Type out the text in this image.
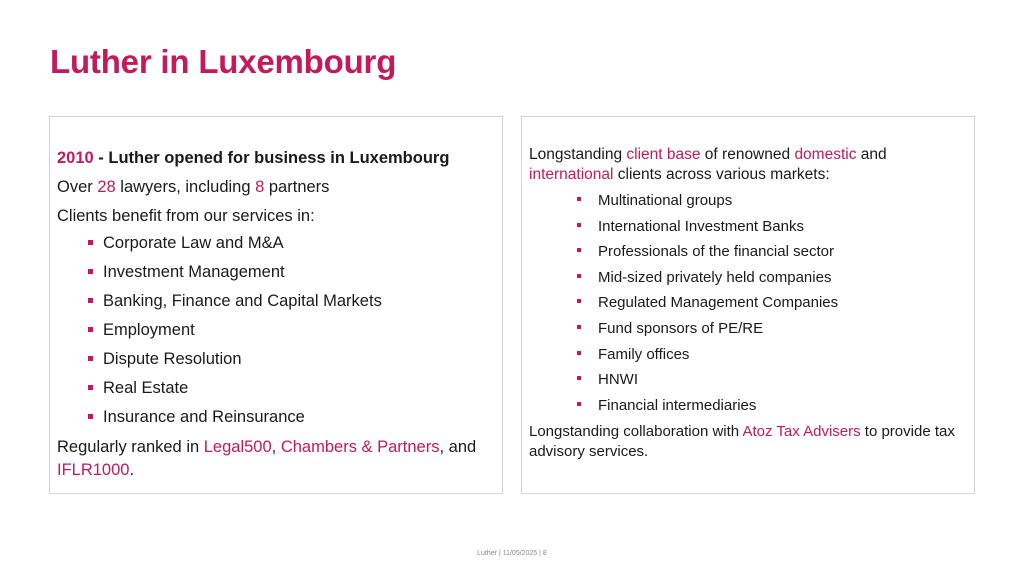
Luther in Luxembourg
2010 - Luther opened for business in Luxembourg
Over 28 lawyers, including 8 partners
Clients benefit from our services in:
Corporate Law and M&A
Investment Management
Banking, Finance and Capital Markets
Employment
Dispute Resolution
Real Estate
Insurance and Reinsurance
Regularly ranked in Legal500, Chambers & Partners, and IFLR1000.
Longstanding client base of renowned domestic and international clients across various markets:
Multinational groups
International Investment Banks
Professionals of the financial sector
Mid-sized privately held companies
Regulated Management Companies
Fund sponsors of PE/RE
Family offices
HNWI
Financial intermediaries
Longstanding collaboration with Atoz Tax Advisers to provide tax advisory services.
Luther | 11/05/2025 | 8
